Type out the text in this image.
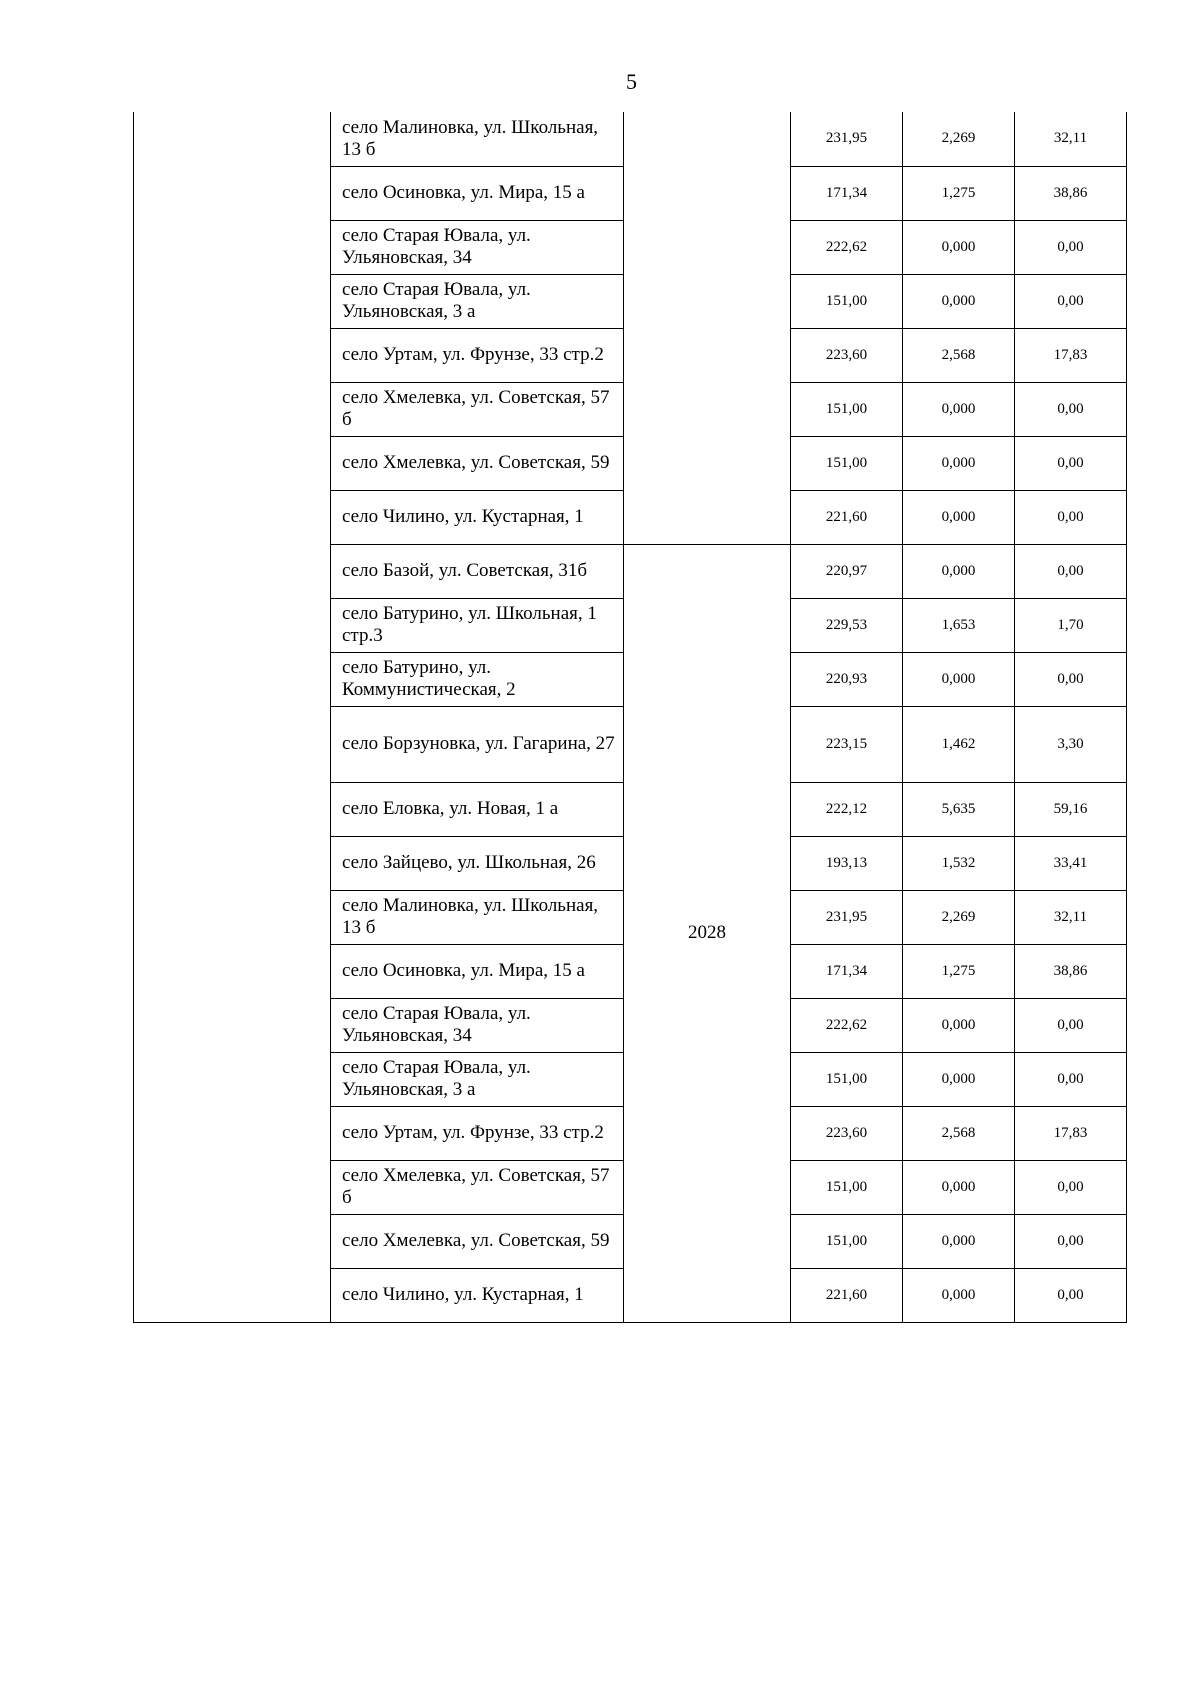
5
	село Малиновка, ул. Школьная, 13 б		231,95	2,269	32,11
	село Осиновка, ул. Мира, 15 а		171,34	1,275	38,86
	село Старая Ювала, ул. Ульяновская, 34		222,62	0,000	0,00
	село Старая Ювала, ул. Ульяновская, 3 а		151,00	0,000	0,00
	село Уртам, ул. Фрунзе, 33 стр.2		223,60	2,568	17,83
	село Хмелевка, ул. Советская, 57 б		151,00	0,000	0,00
	село Хмелевка, ул. Советская, 59		151,00	0,000	0,00
	село Чилино, ул. Кустарная, 1		221,60	0,000	0,00
	село Базой, ул. Советская, 31б	2028	220,97	0,000	0,00
	село Батурино, ул. Школьная, 1 стр.3		229,53	1,653	1,70
	село Батурино, ул. Коммунистическая, 2		220,93	0,000	0,00
	село Борзуновка, ул. Гагарина, 27		223,15	1,462	3,30
	село Еловка, ул. Новая, 1 а		222,12	5,635	59,16
	село Зайцево, ул. Школьная, 26		193,13	1,532	33,41
	село Малиновка, ул. Школьная, 13 б		231,95	2,269	32,11
	село Осиновка, ул. Мира, 15 а		171,34	1,275	38,86
	село Старая Ювала, ул. Ульяновская, 34		222,62	0,000	0,00
	село Старая Ювала, ул. Ульяновская, 3 а		151,00	0,000	0,00
	село Уртам, ул. Фрунзе, 33 стр.2		223,60	2,568	17,83
	село Хмелевка, ул. Советская, 57 б		151,00	0,000	0,00
	село Хмелевка, ул. Советская, 59		151,00	0,000	0,00
	село Чилино, ул. Кустарная, 1		221,60	0,000	0,00
